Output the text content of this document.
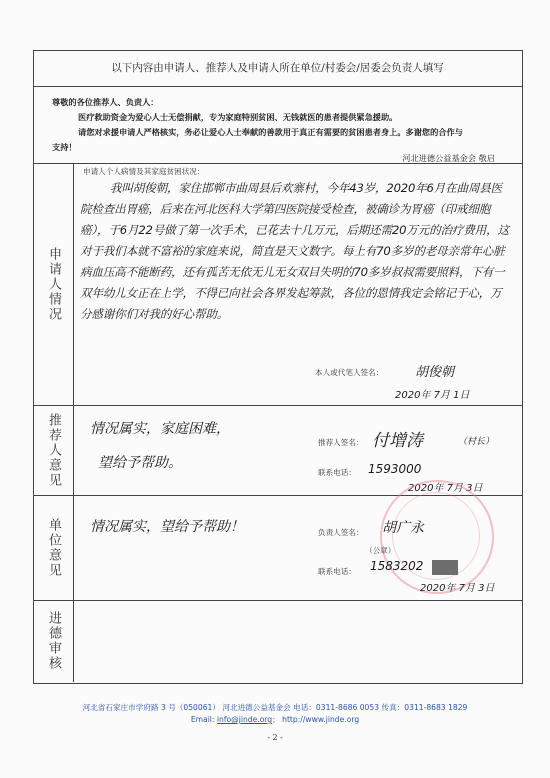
以下内容由申请人、推荐人及申请人所在单位/村委会/居委会负责人填写

尊敬的各位推荐人、负责人：

医疗救助资金为爱心人士无偿捐献，专为家庭特别贫困、无钱就医的患者提供紧急援助。

请您对求援申请人严格核实，务必让爱心人士奉献的善款用于真正有需要的贫困患者身上。多谢您的合作与

支持！

河北进德公益基金会 敬启
申请人情况
推荐人意见
单位意见
进德审核
申请人个人病情及其家庭贫困状况：

我叫胡俊朝，家住邯郸市曲周县后欢寨村，今年43岁，2020年6月在曲周县医院检查出胃癌，后来在河北医科大学第四医院接受检查，被确诊为胃癌（印戒细胞癌），于6月22号做了第一次手术，已花去十几万元，后期还需20万元的治疗费用，这对于我们本就不富裕的家庭来说，简直是天文数字。每上有70多岁的老母亲常年心脏病血压高不能断药，还有孤苦无依无儿无女双目失明的70多岁叔叔需要照料，下有一双年幼儿女正在上学，不得已向社会各界发起筹款，各位的恩情我定会铭记于心，万分感谢你们对我的好心帮助。

本人或代笔人签名： 胡俊朝
2020年 7月 1日
情况属实，家庭困难，
望给予帮助。
推荐人签名： 付增涛	（村长）
联系电话： 1593000
2020年 7月 3日
情况属实，望给予帮助！	负责人签名： 胡广永
（公章）
联系电话： 1583202
2020年 7月 3日
河北省石家庄市学府路 3 号（050061） 河北进德公益基金会 电话：0311-8686 0053 传真：0311-8683 1829
Email: info@jinde.org； http://www.jinde.org
- 2 -
